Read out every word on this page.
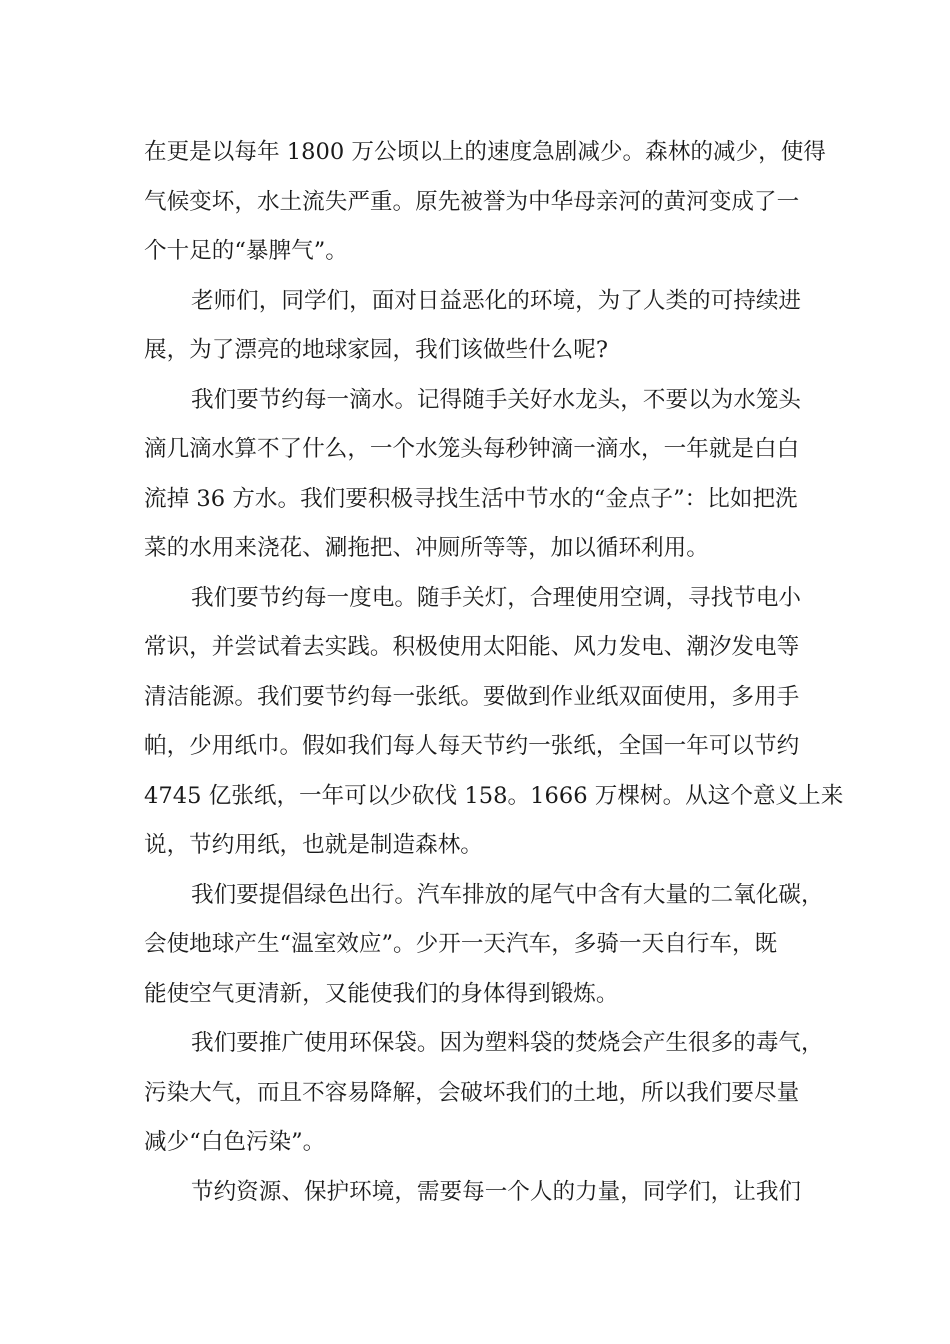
在更是以每年 1800 万公顷以上的速度急剧减少。森林的减少，使得
气候变坏，水土流失严重。原先被誉为中华母亲河的黄河变成了一
个十足的“暴脾气”。
老师们，同学们，面对日益恶化的环境，为了人类的可持续进
展，为了漂亮的地球家园，我们该做些什么呢?
我们要节约每一滴水。记得随手关好水龙头，不要以为水笼头
滴几滴水算不了什么，一个水笼头每秒钟滴一滴水，一年就是白白
流掉 36 方水。我们要积极寻找生活中节水的“金点子”：比如把洗
菜的水用来浇花、涮拖把、冲厕所等等，加以循环利用。
我们要节约每一度电。随手关灯，合理使用空调，寻找节电小
常识，并尝试着去实践。积极使用太阳能、风力发电、潮汐发电等
清洁能源。我们要节约每一张纸。要做到作业纸双面使用，多用手
帕，少用纸巾。假如我们每人每天节约一张纸，全国一年可以节约
4745 亿张纸，一年可以少砍伐 158。1666 万棵树。从这个意义上来
说，节约用纸，也就是制造森林。
我们要提倡绿色出行。汽车排放的尾气中含有大量的二氧化碳，
会使地球产生“温室效应”。少开一天汽车，多骑一天自行车，既
能使空气更清新，又能使我们的身体得到锻炼。
我们要推广使用环保袋。因为塑料袋的焚烧会产生很多的毒气，
污染大气，而且不容易降解，会破坏我们的土地，所以我们要尽量
减少“白色污染”。
节约资源、保护环境，需要每一个人的力量，同学们，让我们
